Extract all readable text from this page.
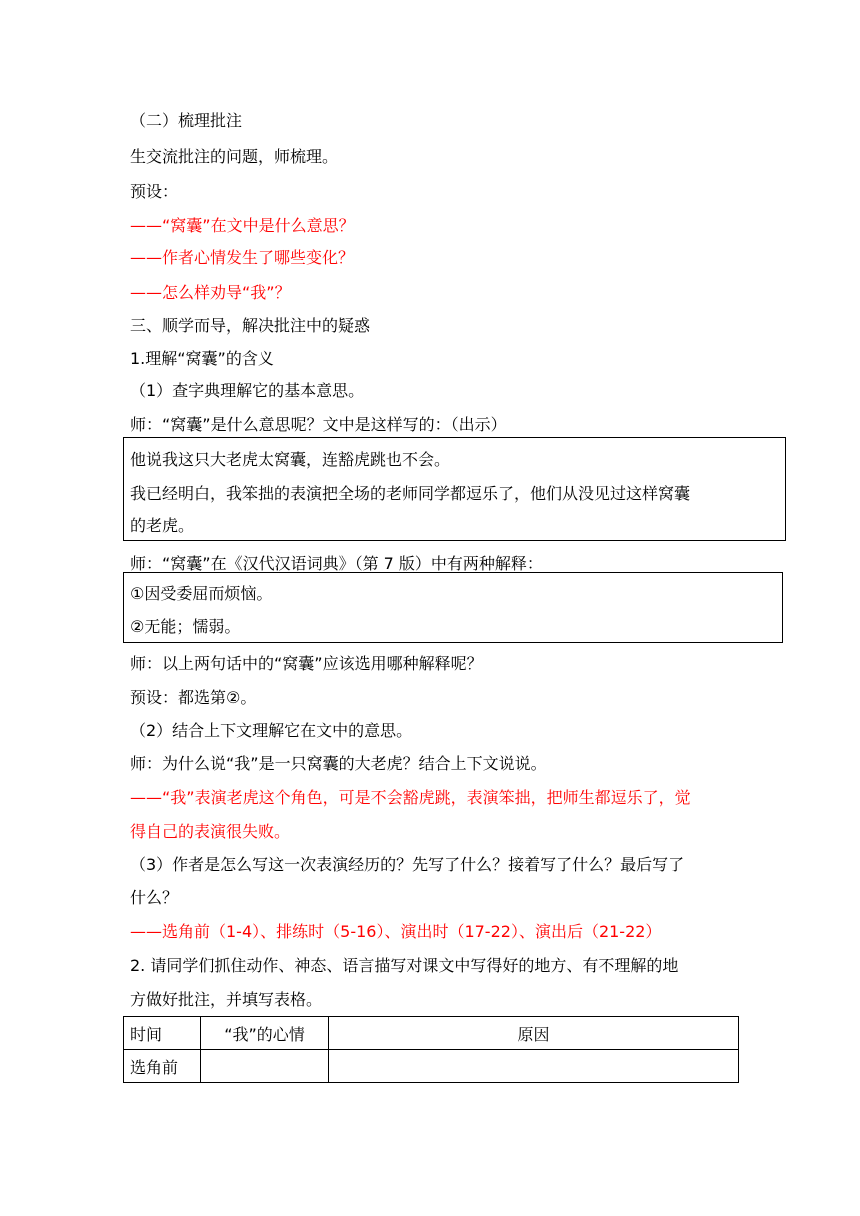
（二）梳理批注
生交流批注的问题，师梳理。
预设：
——“窝囊”在文中是什么意思？
——作者心情发生了哪些变化？
——怎么样劝导“我”？
三、顺学而导，解决批注中的疑惑
1.理解“窝囊”的含义
（1）查字典理解它的基本意思。
师：“窝囊”是什么意思呢？文中是这样写的：（出示）
他说我这只大老虎太窝囊，连豁虎跳也不会。
我已经明白，我笨拙的表演把全场的老师同学都逗乐了，他们从没见过这样窝囊
的老虎。
师：“窝囊”在《汉代汉语词典》（第 7 版）中有两种解释：
①因受委屈而烦恼。
②无能；懦弱。
师：以上两句话中的“窝囊”应该选用哪种解释呢？
预设：都选第②。
（2）结合上下文理解它在文中的意思。
师：为什么说“我”是一只窝囊的大老虎？结合上下文说说。
——“我”表演老虎这个角色，可是不会豁虎跳，表演笨拙，把师生都逗乐了，觉
得自己的表演很失败。
（3）作者是怎么写这一次表演经历的？先写了什么？接着写了什么？最后写了
什么？
——选角前（1-4）、排练时（5-16）、演出时（17-22）、演出后（21-22）
2. 请同学们抓住动作、神态、语言描写对课文中写得好的地方、有不理解的地
方做好批注，并填写表格。
时间	“我”的心情	原因
选角前		
